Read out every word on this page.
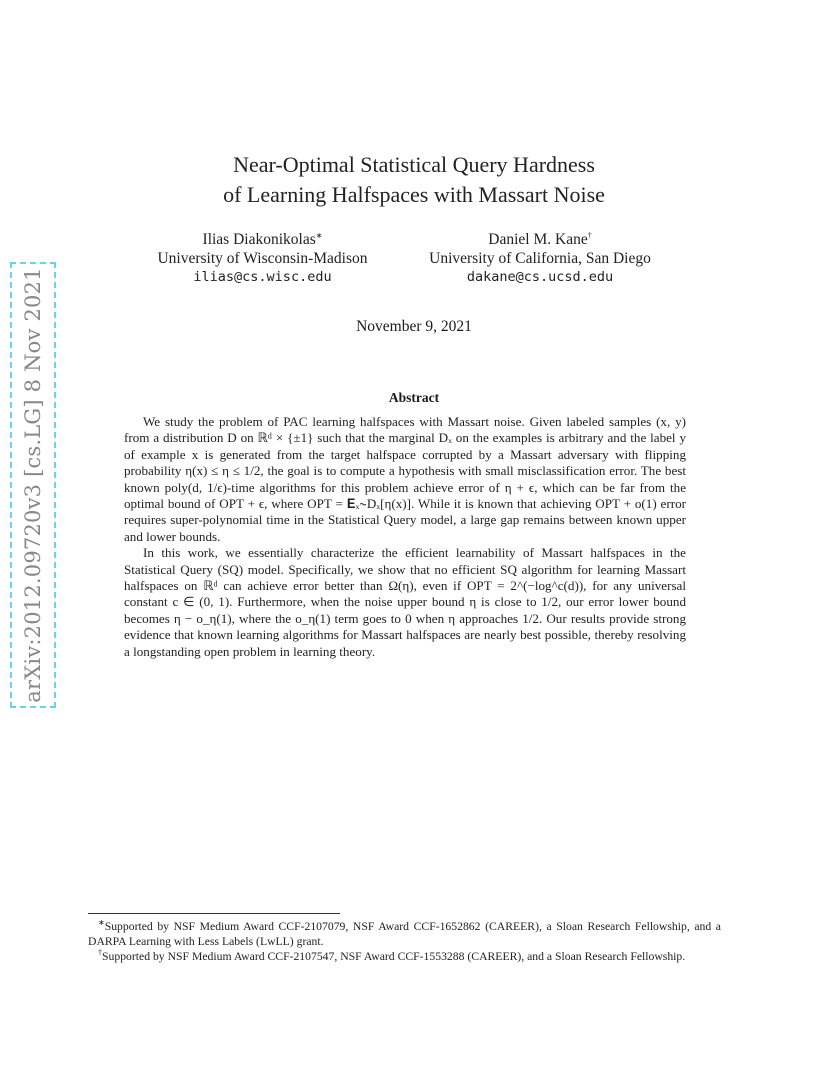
arXiv:2012.09720v3 [cs.LG] 8 Nov 2021
Near-Optimal Statistical Query Hardness
of Learning Halfspaces with Massart Noise
Ilias Diakonikolas∗
University of Wisconsin-Madison
ilias@cs.wisc.edu
Daniel M. Kane†
University of California, San Diego
dakane@cs.ucsd.edu
November 9, 2021
Abstract

We study the problem of PAC learning halfspaces with Massart noise. Given labeled samples (x, y) from a distribution D on ℝᵈ × {±1} such that the marginal Dₓ on the examples is arbitrary and the label y of example x is generated from the target halfspace corrupted by a Massart adversary with flipping probability η(x) ≤ η ≤ 1/2, the goal is to compute a hypothesis with small misclassification error. The best known poly(d, 1/ϵ)-time algorithms for this problem achieve error of η + ϵ, which can be far from the optimal bound of OPT + ϵ, where OPT = 𝐄ₓ∼Dₓ[η(x)]. While it is known that achieving OPT + o(1) error requires super-polynomial time in the Statistical Query model, a large gap remains between known upper and lower bounds.

In this work, we essentially characterize the efficient learnability of Massart halfspaces in the Statistical Query (SQ) model. Specifically, we show that no efficient SQ algorithm for learning Massart halfspaces on ℝᵈ can achieve error better than Ω(η), even if OPT = 2^(−log^c(d)), for any universal constant c ∈ (0, 1). Furthermore, when the noise upper bound η is close to 1/2, our error lower bound becomes η − o_η(1), where the o_η(1) term goes to 0 when η approaches 1/2. Our results provide strong evidence that known learning algorithms for Massart halfspaces are nearly best possible, thereby resolving a longstanding open problem in learning theory.

∗Supported by NSF Medium Award CCF-2107079, NSF Award CCF-1652862 (CAREER), a Sloan Research Fellowship, and a DARPA Learning with Less Labels (LwLL) grant.

†Supported by NSF Medium Award CCF-2107547, NSF Award CCF-1553288 (CAREER), and a Sloan Research Fellowship.
